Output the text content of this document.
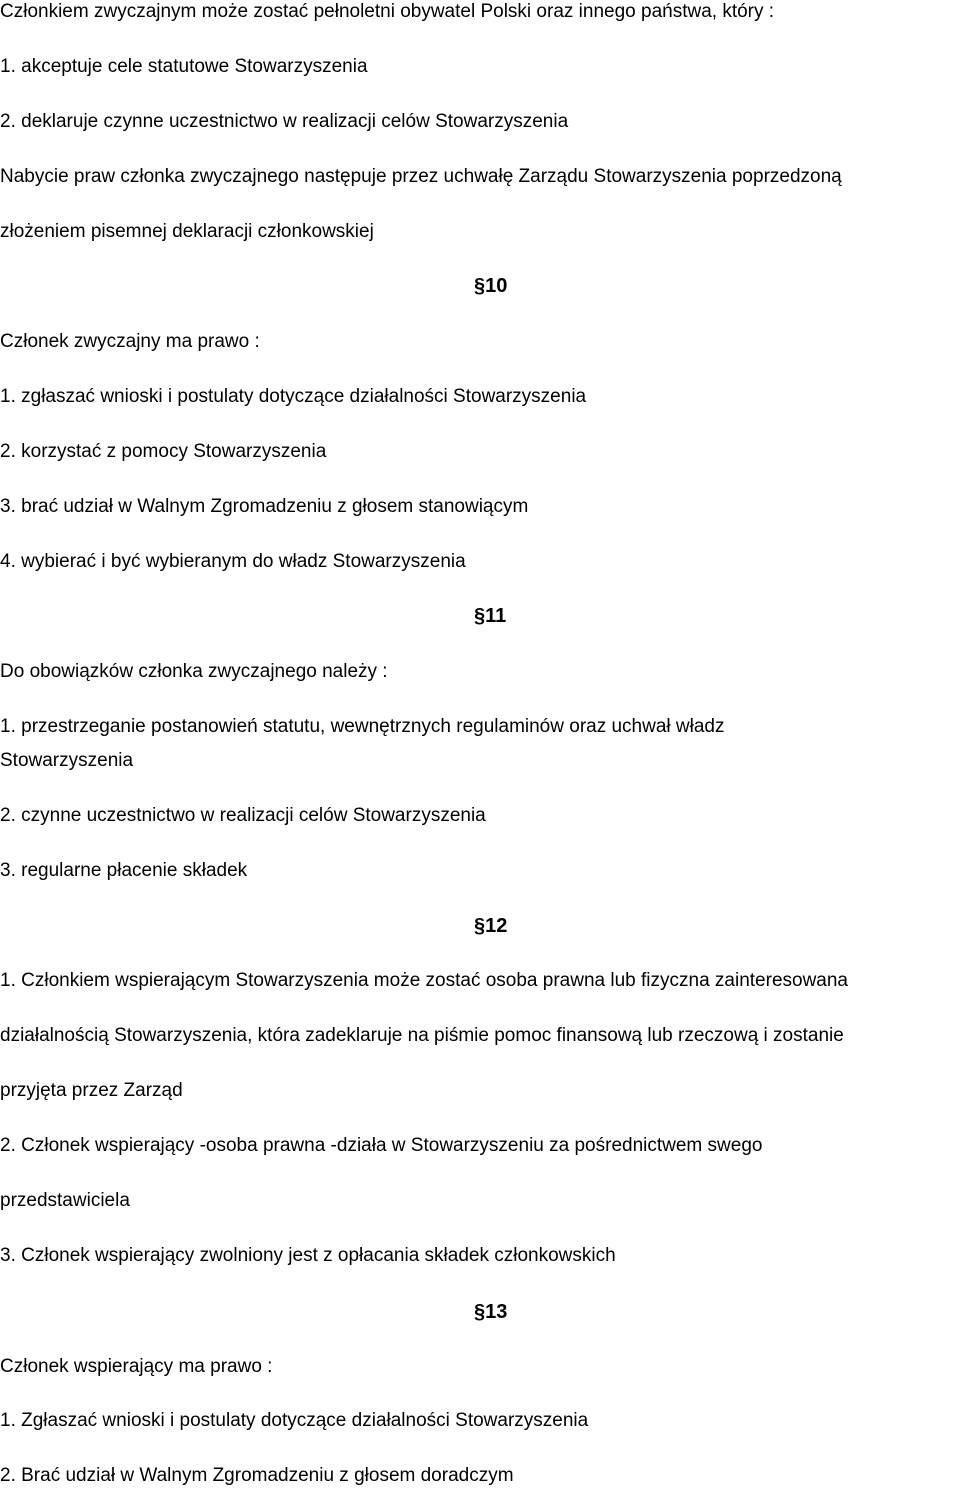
Członkiem zwyczajnym może zostać pełnoletni obywatel Polski oraz innego państwa, który :
1. akceptuje cele statutowe Stowarzyszenia
2. deklaruje czynne uczestnictwo w realizacji celów Stowarzyszenia
Nabycie praw członka zwyczajnego następuje przez uchwałę Zarządu Stowarzyszenia poprzedzoną
złożeniem pisemnej deklaracji członkowskiej
§10
Członek zwyczajny ma prawo :
1. zgłaszać wnioski i postulaty dotyczące działalności Stowarzyszenia
2. korzystać z pomocy Stowarzyszenia
3. brać udział w Walnym Zgromadzeniu z głosem stanowiącym
4. wybierać i być wybieranym do władz Stowarzyszenia
§11
Do obowiązków członka zwyczajnego należy :
1. przestrzeganie postanowień statutu, wewnętrznych regulaminów oraz uchwał władz
Stowarzyszenia
2. czynne uczestnictwo w realizacji celów Stowarzyszenia
3. regularne płacenie składek
§12
1. Członkiem wspierającym Stowarzyszenia może zostać osoba prawna lub fizyczna zainteresowana
działalnością Stowarzyszenia, która zadeklaruje na piśmie pomoc finansową lub rzeczową i zostanie
przyjęta przez Zarząd
2. Członek wspierający -osoba prawna -działa w Stowarzyszeniu za pośrednictwem swego
przedstawiciela
3. Członek wspierający zwolniony jest z opłacania składek członkowskich
§13
Członek wspierający ma prawo :
1. Zgłaszać wnioski i postulaty dotyczące działalności Stowarzyszenia
2. Brać udział w Walnym Zgromadzeniu z głosem doradczym
